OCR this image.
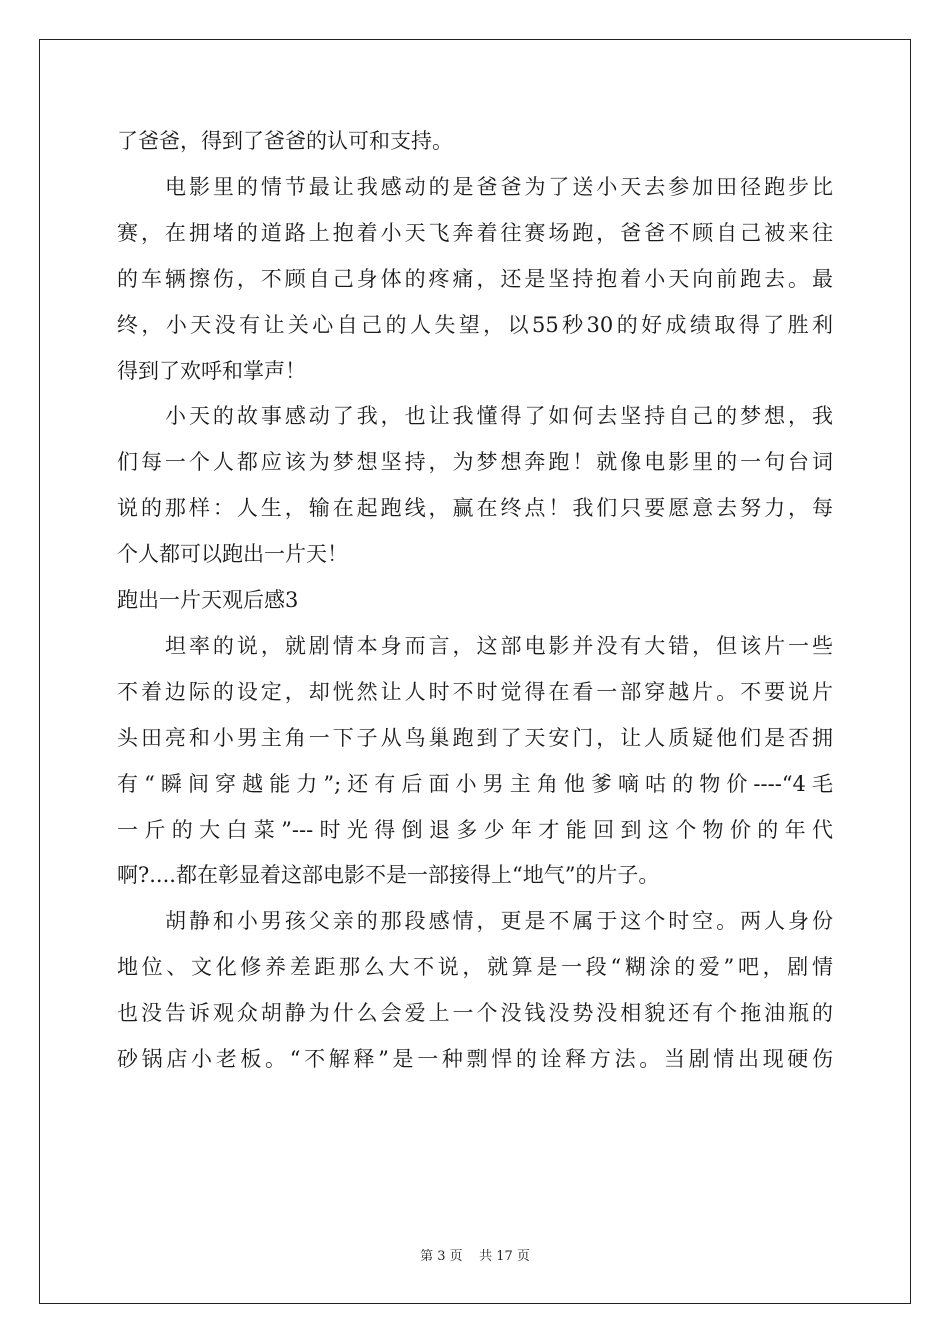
了爸爸，得到了爸爸的认可和支持。
电影里的情节最让我感动的是爸爸为了送小天去参加田径跑步比
赛，在拥堵的道路上抱着小天飞奔着往赛场跑，爸爸不顾自己被来往
的车辆擦伤，不顾自己身体的疼痛，还是坚持抱着小天向前跑去。最
终，小天没有让关心自己的人失望，以55秒30的好成绩取得了胜利
得到了欢呼和掌声！
小天的故事感动了我，也让我懂得了如何去坚持自己的梦想，我
们每一个人都应该为梦想坚持，为梦想奔跑！就像电影里的一句台词
说的那样：人生，输在起跑线，赢在终点！我们只要愿意去努力，每
个人都可以跑出一片天！
跑出一片天观后感3
坦率的说，就剧情本身而言，这部电影并没有大错，但该片一些
不着边际的设定，却恍然让人时不时觉得在看一部穿越片。不要说片
头田亮和小男主角一下子从鸟巢跑到了天安门，让人质疑他们是否拥
有“瞬间穿越能力”;还有后面小男主角他爹嘀咕的物价----“4毛
一斤的大白菜”---时光得倒退多少年才能回到这个物价的年代
啊?....都在彰显着这部电影不是一部接得上“地气”的片子。
胡静和小男孩父亲的那段感情，更是不属于这个时空。两人身份
地位、文化修养差距那么大不说，就算是一段“糊涂的爱”吧，剧情
也没告诉观众胡静为什么会爱上一个没钱没势没相貌还有个拖油瓶的
砂锅店小老板。“不解释”是一种剽悍的诠释方法。当剧情出现硬伤
第 3 页    共 17 页
